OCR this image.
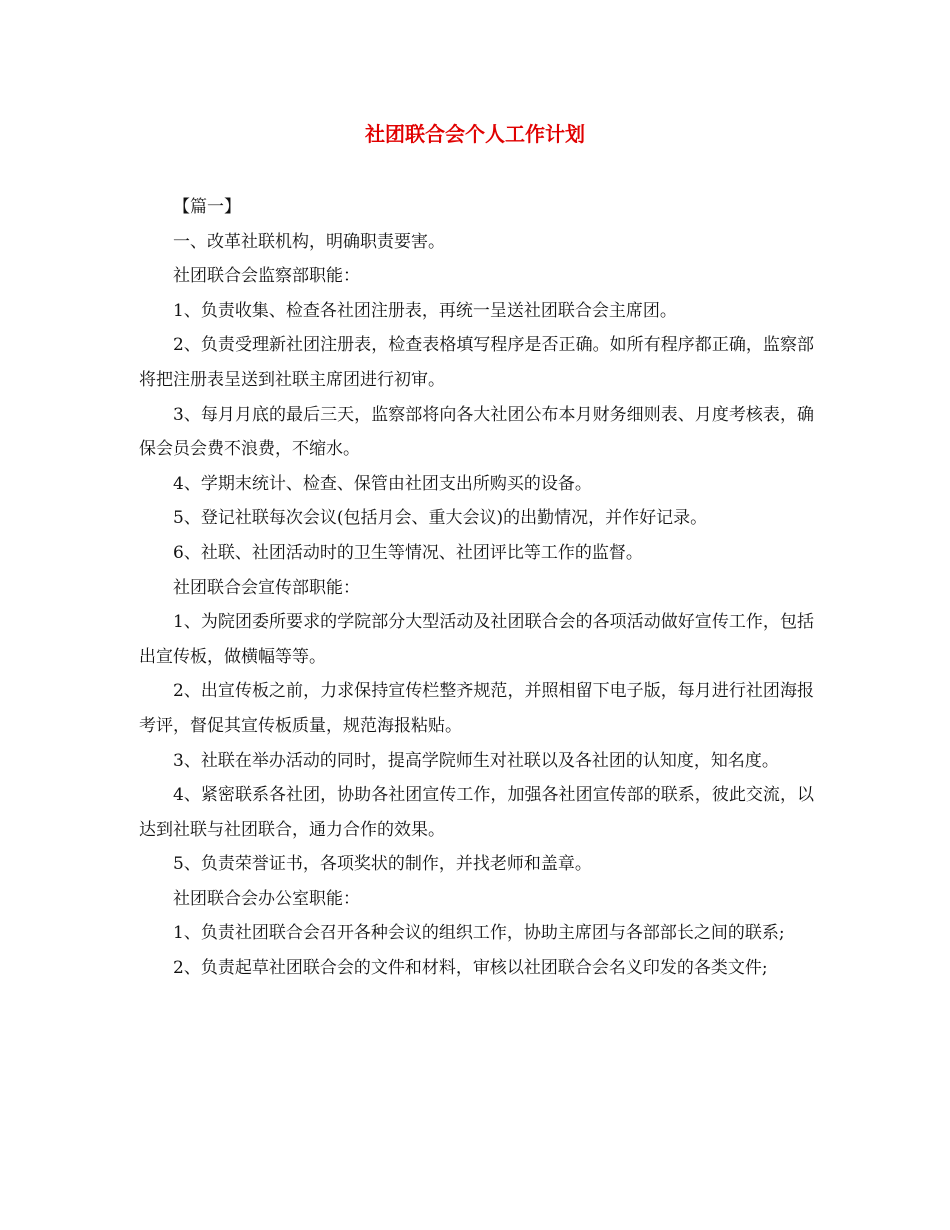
社团联合会个人工作计划

【篇一】

一、改革社联机构，明确职责要害。

社团联合会监察部职能：

1、负责收集、检查各社团注册表，再统一呈送社团联合会主席团。

2、负责受理新社团注册表，检查表格填写程序是否正确。如所有程序都正确，监察部将把注册表呈送到社联主席团进行初审。

3、每月月底的最后三天，监察部将向各大社团公布本月财务细则表、月度考核表，确保会员会费不浪费，不缩水。

4、学期末统计、检查、保管由社团支出所购买的设备。

5、登记社联每次会议(包括月会、重大会议)的出勤情况，并作好记录。

6、社联、社团活动时的卫生等情况、社团评比等工作的监督。

社团联合会宣传部职能：

1、为院团委所要求的学院部分大型活动及社团联合会的各项活动做好宣传工作，包括出宣传板，做横幅等等。

2、出宣传板之前，力求保持宣传栏整齐规范，并照相留下电子版，每月进行社团海报考评，督促其宣传板质量，规范海报粘贴。

3、社联在举办活动的同时，提高学院师生对社联以及各社团的认知度，知名度。

4、紧密联系各社团，协助各社团宣传工作，加强各社团宣传部的联系，彼此交流，以达到社联与社团联合，通力合作的效果。

5、负责荣誉证书，各项奖状的制作，并找老师和盖章。

社团联合会办公室职能：

1、负责社团联合会召开各种会议的组织工作，协助主席团与各部部长之间的联系;

2、负责起草社团联合会的文件和材料，审核以社团联合会名义印发的各类文件;
